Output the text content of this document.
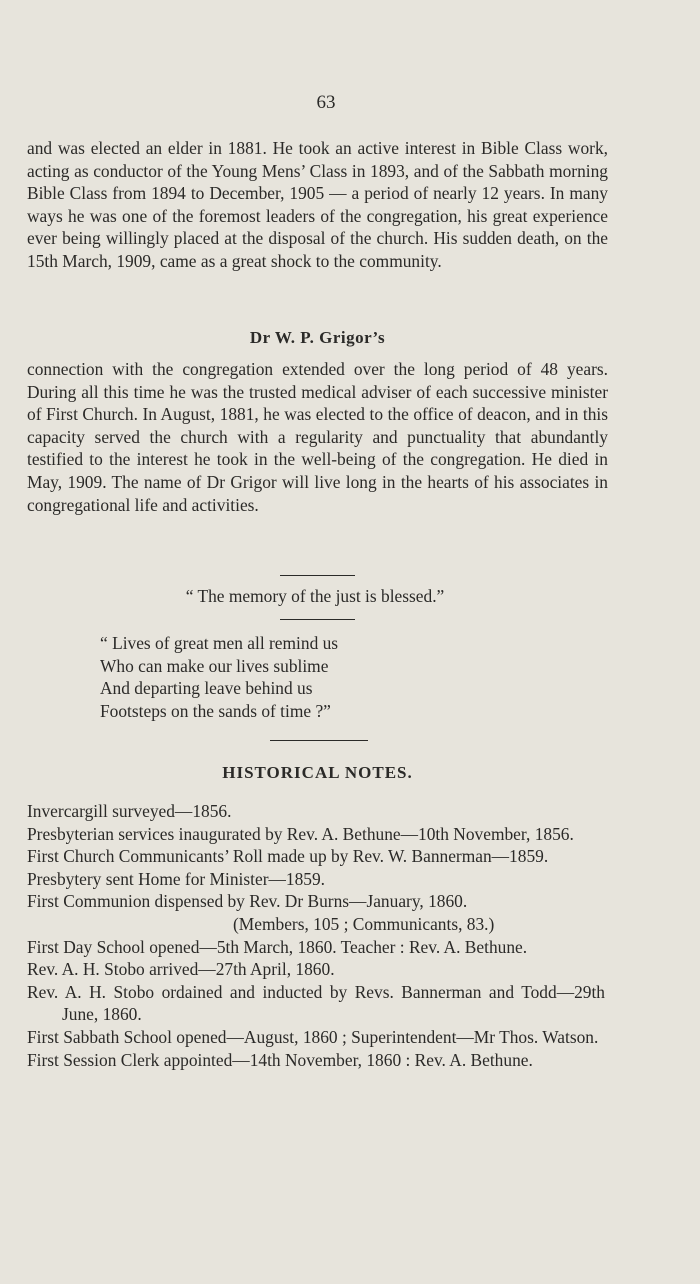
63

and was elected an elder in 1881. He took an active interest in Bible Class work, acting as conductor of the Young Mens’ Class in 1893, and of the Sabbath morning Bible Class from 1894 to December, 1905 — a period of nearly 12 years. In many ways he was one of the foremost leaders of the congregation, his great experience ever being willingly placed at the disposal of the church. His sudden death, on the 15th March, 1909, came as a great shock to the community.

Dr W. P. Grigor’s

connection with the congregation extended over the long period of 48 years. During all this time he was the trusted medical adviser of each successive minister of First Church. In August, 1881, he was elected to the office of deacon, and in this capacity served the church with a regularity and punctuality that abundantly testified to the interest he took in the well-being of the congregation. He died in May, 1909. The name of Dr Grigor will live long in the hearts of his associates in congregational life and activities.

“ The memory of the just is blessed.”
“ Lives of great men all remind us
Who can make our lives sublime
And departing leave behind us
Footsteps on the sands of time ?”
HISTORICAL NOTES.
Invercargill surveyed—1856.
Presbyterian services inaugurated by Rev. A. Bethune—10th November, 1856.
First Church Communicants’ Roll made up by Rev. W. Bannerman—1859.
Presbytery sent Home for Minister—1859.
First Communion dispensed by Rev. Dr Burns—January, 1860.
(Members, 105 ; Communicants, 83.)
First Day School opened—5th March, 1860. Teacher : Rev. A. Bethune.
Rev. A. H. Stobo arrived—27th April, 1860.
Rev. A. H. Stobo ordained and inducted by Revs. Bannerman and Todd—29th June, 1860.
First Sabbath School opened—August, 1860 ; Superintendent—Mr Thos. Watson.
First Session Clerk appointed—14th November, 1860 : Rev. A. Bethune.
